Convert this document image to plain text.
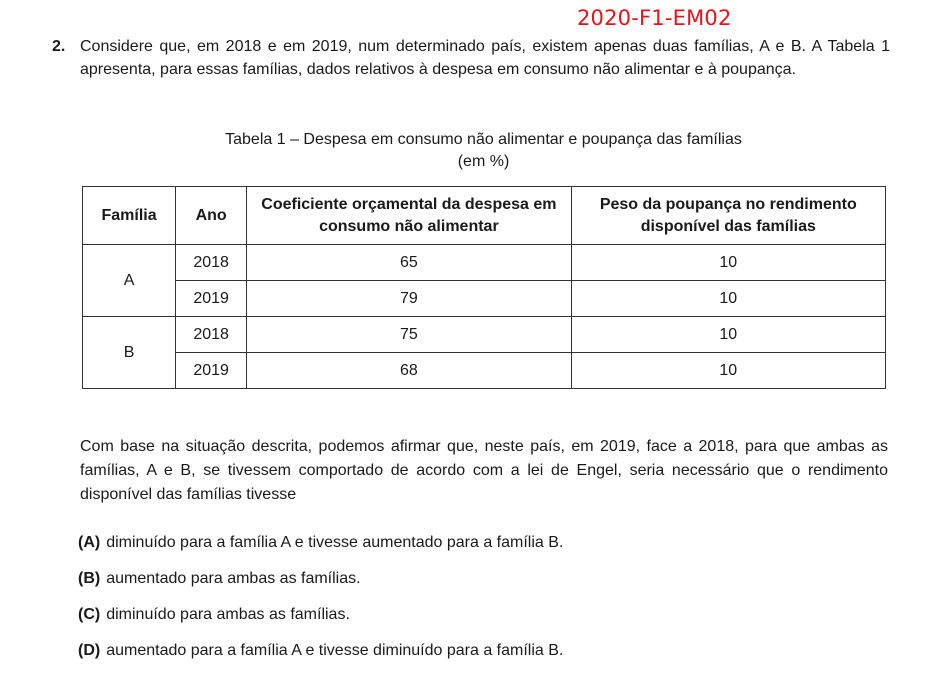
2020-F1-EM02
2. Considere que, em 2018 e em 2019, num determinado país, existem apenas duas famílias, A e B. A Tabela 1 apresenta, para essas famílias, dados relativos à despesa em consumo não alimentar e à poupança.
Tabela 1 – Despesa em consumo não alimentar e poupança das famílias
(em %)
Família	Ano	Coeficiente orçamental da despesa em consumo não alimentar	Peso da poupança no rendimento disponível das famílias
A	2018	65	10
	2019	79	10
B	2018	75	10
	2019	68	10
Com base na situação descrita, podemos afirmar que, neste país, em 2019, face a 2018, para que ambas as famílias, A e B, se tivessem comportado de acordo com a lei de Engel, seria necessário que o rendimento disponível das famílias tivesse
(A) diminuído para a família A e tivesse aumentado para a família B.
(B) aumentado para ambas as famílias.
(C) diminuído para ambas as famílias.
(D) aumentado para a família A e tivesse diminuído para a família B.
